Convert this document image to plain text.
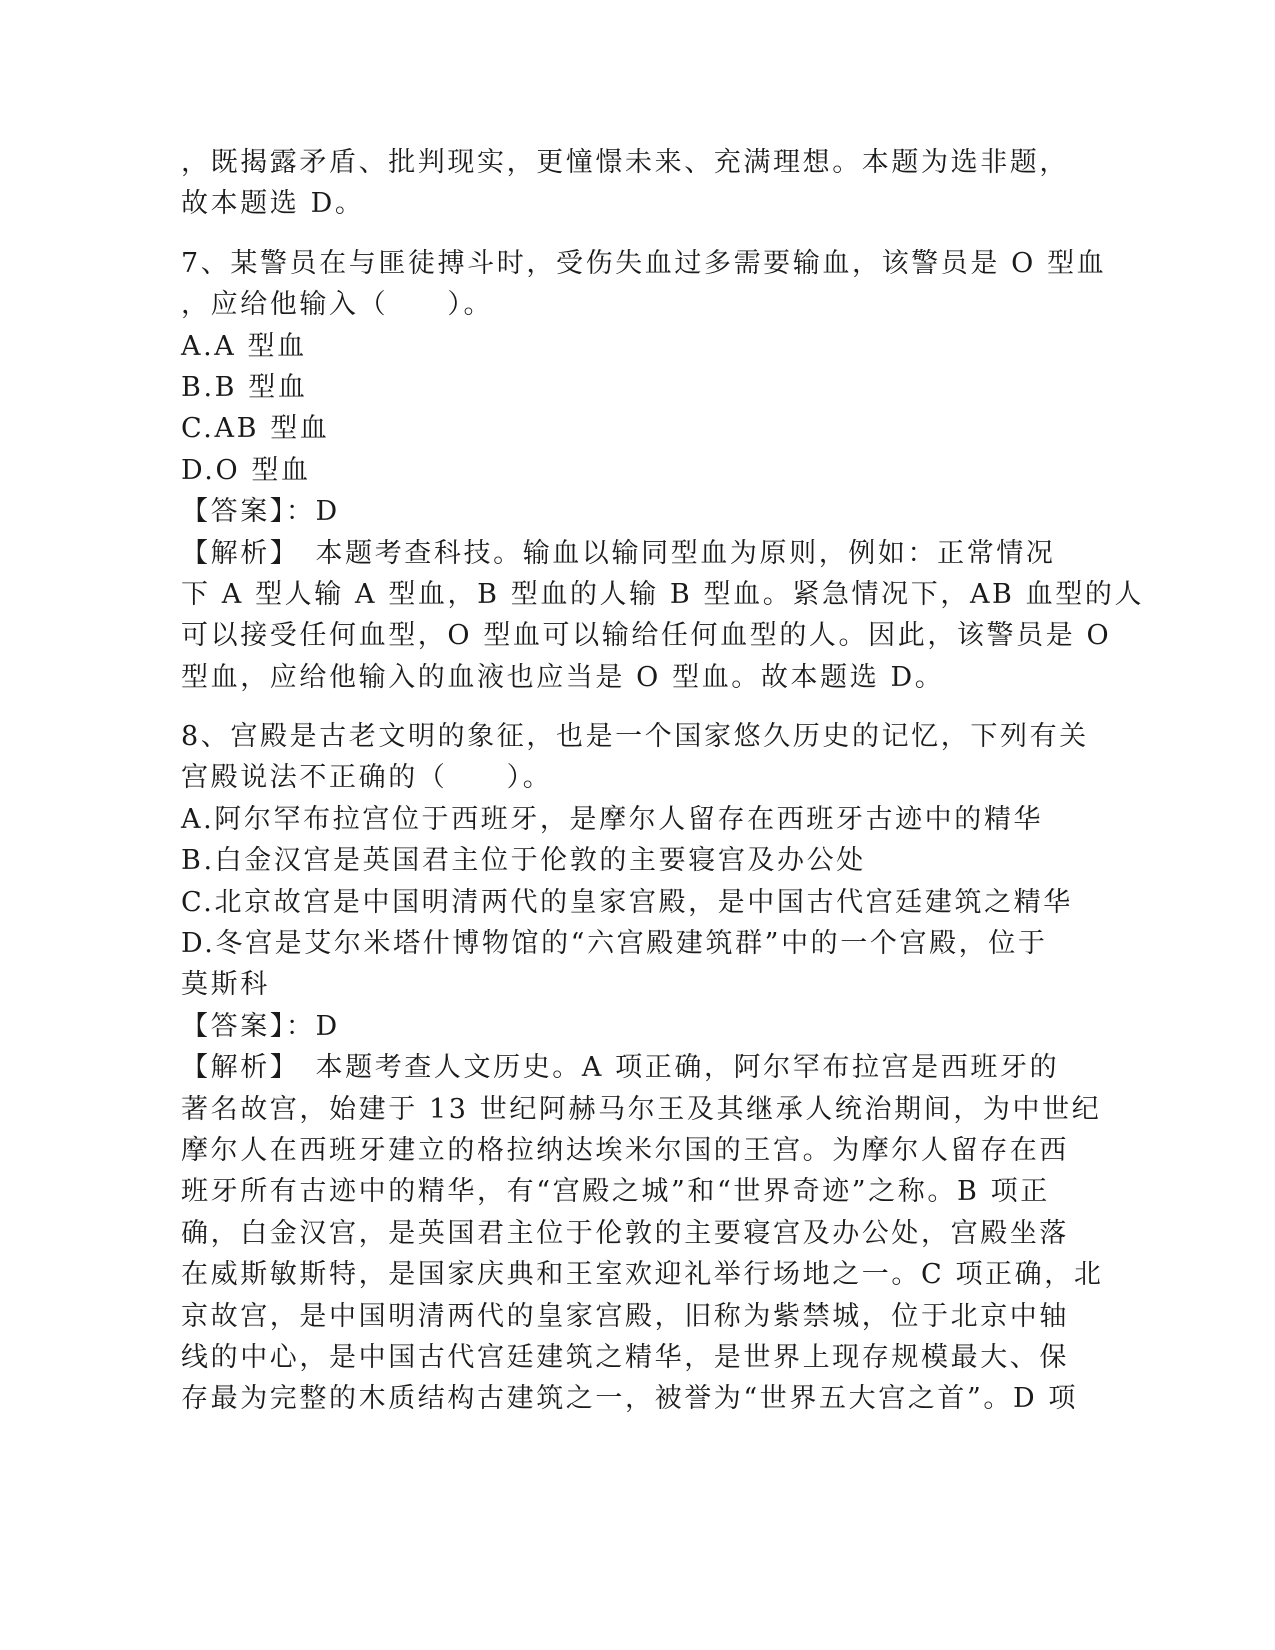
，既揭露矛盾、批判现实，更憧憬未来、充满理想。本题为选非题，
故本题选 D。
7、某警员在与匪徒搏斗时，受伤失血过多需要输血，该警员是 O 型血
，应给他输入（　　）。
A.A 型血
B.B 型血
C.AB 型血
D.O 型血
【答案】：D
【解析】　本题考查科技。输血以输同型血为原则，例如：正常情况
下 A 型人输 A 型血，B 型血的人输 B 型血。紧急情况下，AB 血型的人
可以接受任何血型，O 型血可以输给任何血型的人。因此，该警员是 O
型血，应给他输入的血液也应当是 O 型血。故本题选 D。
8、宫殿是古老文明的象征，也是一个国家悠久历史的记忆，下列有关
宫殿说法不正确的（　　）。
A.阿尔罕布拉宫位于西班牙，是摩尔人留存在西班牙古迹中的精华
B.白金汉宫是英国君主位于伦敦的主要寝宫及办公处
C.北京故宫是中国明清两代的皇家宫殿，是中国古代宫廷建筑之精华
D.冬宫是艾尔米塔什博物馆的“六宫殿建筑群”中的一个宫殿，位于
莫斯科
【答案】：D
【解析】　本题考查人文历史。A 项正确，阿尔罕布拉宫是西班牙的
著名故宫，始建于 13 世纪阿赫马尔王及其继承人统治期间，为中世纪
摩尔人在西班牙建立的格拉纳达埃米尔国的王宫。为摩尔人留存在西
班牙所有古迹中的精华，有“宫殿之城”和“世界奇迹”之称。B 项正
确，白金汉宫，是英国君主位于伦敦的主要寝宫及办公处，宫殿坐落
在威斯敏斯特，是国家庆典和王室欢迎礼举行场地之一。C 项正确，北
京故宫，是中国明清两代的皇家宫殿，旧称为紫禁城，位于北京中轴
线的中心，是中国古代宫廷建筑之精华，是世界上现存规模最大、保
存最为完整的木质结构古建筑之一，被誉为“世界五大宫之首”。D 项
